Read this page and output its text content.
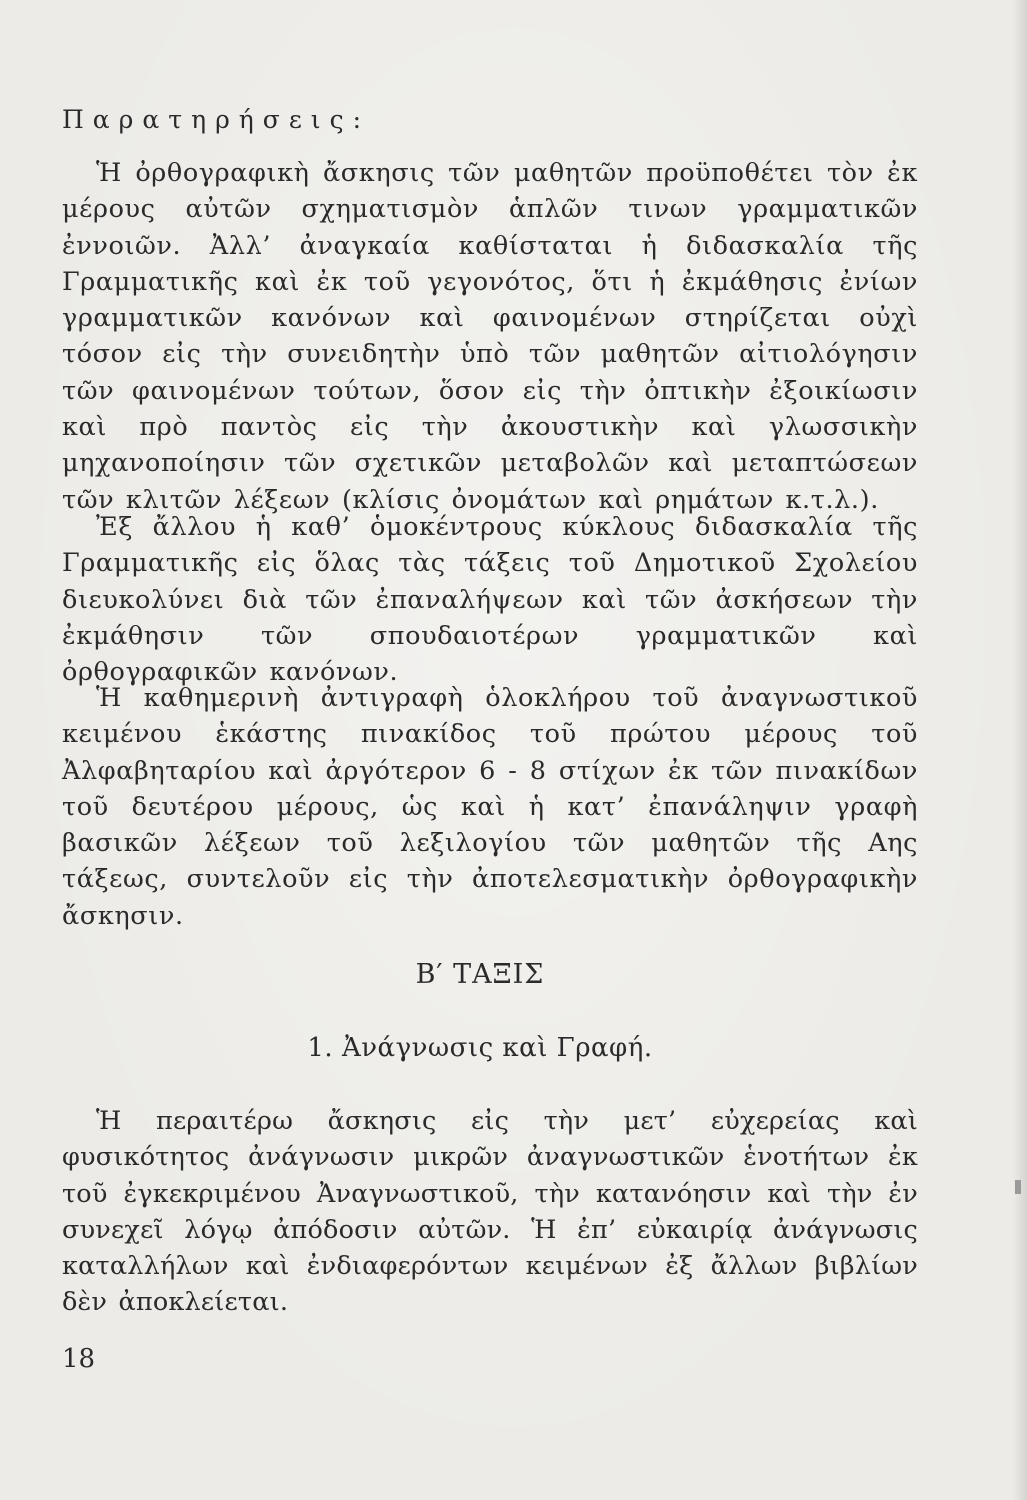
Παρατηρήσεις:

Ἡ ὀρθογραφικὴ ἄσκησις τῶν μαθητῶν προϋποθέτει τὸν ἐκ μέρους αὐτῶν σχηματισμὸν ἁπλῶν τινων γραμματικῶν ἐννοιῶν. Ἀλλ’ ἀναγκαία καθίσταται ἡ διδασκαλία τῆς Γραμματικῆς καὶ ἐκ τοῦ γεγονότος, ὅτι ἡ ἐκμάθησις ἐνίων γραμματικῶν κανόνων καὶ φαινομένων στηρίζεται οὐχὶ τόσον εἰς τὴν συνειδητὴν ὑπὸ τῶν μαθητῶν αἰτιολόγησιν τῶν φαινομένων τούτων, ὅσον εἰς τὴν ὀπτικὴν ἐξοικίωσιν καὶ πρὸ παντὸς εἰς τὴν ἀκουστικὴν καὶ γλωσσικὴν μηχανοποίησιν τῶν σχετικῶν μεταβολῶν καὶ μεταπτώσεων τῶν κλιτῶν λέξεων (κλίσις ὀνομάτων καὶ ρημάτων κ.τ.λ.).

Ἐξ ἄλλου ἡ καθ’ ὁμοκέντρους κύκλους διδασκαλία τῆς Γραμματικῆς εἰς ὅλας τὰς τάξεις τοῦ Δημοτικοῦ Σχολείου διευκολύνει διὰ τῶν ἐπαναλήψεων καὶ τῶν ἀσκήσεων τὴν ἐκμάθησιν τῶν σπουδαιοτέρων γραμματικῶν καὶ ὀρθογραφικῶν κανόνων.

Ἡ καθημερινὴ ἀντιγραφὴ ὁλοκλήρου τοῦ ἀναγνωστικοῦ κειμένου ἑκάστης πινακίδος τοῦ πρώτου μέρους τοῦ Ἀλφαβηταρίου καὶ ἀργότερον 6 - 8 στίχων ἐκ τῶν πινακίδων τοῦ δευτέρου μέρους, ὡς καὶ ἡ κατ’ ἐπανάληψιν γραφὴ βασικῶν λέξεων τοῦ λεξιλογίου τῶν μαθητῶν τῆς Αης τάξεως, συντελοῦν εἰς τὴν ἀποτελεσματικὴν ὀρθογραφικὴν ἄσκησιν.

Β′ ΤΑΞΙΣ
1. Ἀνάγνωσις καὶ Γραφή.

Ἡ περαιτέρω ἄσκησις εἰς τὴν μετ’ εὐχερείας καὶ φυσικότητος ἀνάγνωσιν μικρῶν ἀναγνωστικῶν ἑνοτήτων ἐκ τοῦ ἐγκεκριμένου Ἀναγνωστικοῦ, τὴν κατανόησιν καὶ τὴν ἐν συνεχεῖ λόγῳ ἀπόδοσιν αὐτῶν. Ἡ ἐπ’ εὐκαιρίᾳ ἀνάγνωσις καταλλήλων καὶ ἐνδιαφερόντων κειμένων ἐξ ἄλλων βιβλίων δὲν ἀποκλείεται.

18
